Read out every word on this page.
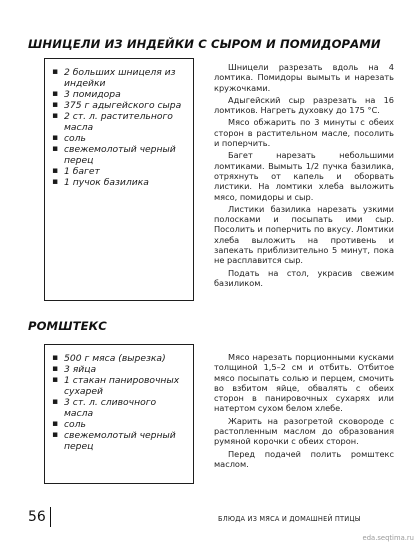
ШНИЦЕЛИ ИЗ ИНДЕЙКИ С СЫРОМ И ПОМИДОРАМИ
▪ 2 больших шницеля из индейки
▪ 3 помидора
▪ 375 г адыгейского сыра
▪ 2 ст. л. растительного масла
▪ соль
▪ свежемолотый черный перец
▪ 1 багет
▪ 1 пучок базилика

Шницели разрезать вдоль на 4 ломтика. Помидоры вымыть и нарезать кружочками.

Адыгейский сыр разрезать на 16 ломтиков. Нагреть духовку до 175 °С.

Мясо обжарить по 3 минуты с обеих сторон в растительном масле, посолить и поперчить.

Багет нарезать небольшими ломтиками. Вымыть 1/2 пучка базилика, отряхнуть от капель и оборвать листики. На ломтики хлеба выложить мясо, помидоры и сыр.

Листики базилика нарезать узкими полосками и посыпать ими сыр. Посолить и поперчить по вкусу. Ломтики хлеба выложить на противень и запекать приблизительно 5 минут, пока не расплавится сыр.

Подать на стол, украсив свежим базиликом.

РОМШТЕКС
▪ 500 г мяса (вырезка)
▪ 3 яйца
▪ 1 стакан панировочных сухарей
▪ 3 ст. л. сливочного масла
▪ соль
▪ свежемолотый черный перец

Мясо нарезать порционными кусками толщиной 1,5–2 см и отбить. Отбитое мясо посыпать солью и перцем, смочить во взбитом яйце, обвалять с обеих сторон в панировочных сухарях или натертом сухом белом хлебе.

Жарить на разогретой сковороде с растопленным маслом до образования румяной корочки с обеих сторон.

Перед подачей полить ромштекс маслом.

56	БЛЮДА ИЗ МЯСА И ДОМАШНЕЙ ПТИЦЫ
eda.seqtima.ru
